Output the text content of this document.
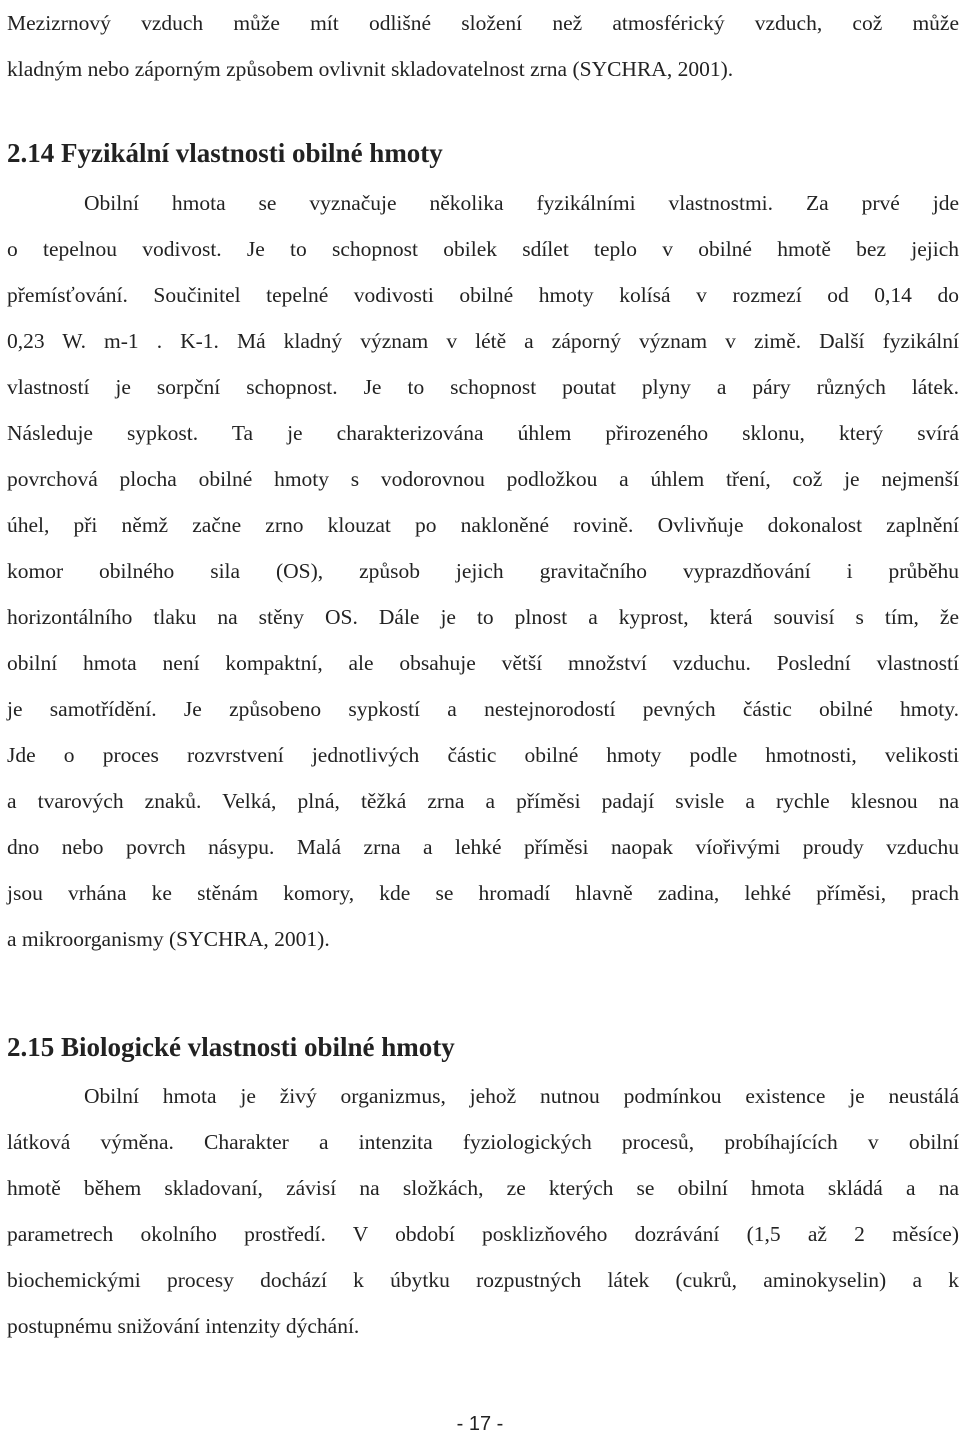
Mezizrnový vzduch může mít odlišné složení než atmosférický vzduch, což může
kladným nebo záporným způsobem ovlivnit skladovatelnost zrna (SYCHRA, 2001).
2.14 Fyzikální vlastnosti obilné hmoty
Obilní hmota se vyznačuje několika fyzikálními vlastnostmi. Za prvé jde
o tepelnou vodivost. Je to schopnost obilek sdílet teplo v obilné hmotě bez jejich
přemísťování. Součinitel tepelné vodivosti obilné hmoty kolísá v rozmezí od 0,14 do
0,23 W. m-1 . K-1. Má kladný význam v létě a záporný význam v zimě. Další fyzikální
vlastností je sorpční schopnost. Je to schopnost poutat plyny a páry různých látek.
Následuje sypkost. Ta je charakterizována úhlem přirozeného sklonu, který svírá
povrchová plocha obilné hmoty s vodorovnou podložkou a úhlem tření, což je nejmenší
úhel, při němž začne zrno klouzat po nakloněné rovině. Ovlivňuje dokonalost zaplnění
komor obilného sila (OS), způsob jejich gravitačního vyprazdňování i průběhu
horizontálního tlaku na stěny OS. Dále je to plnost a kyprost, která souvisí s tím, že
obilní hmota není kompaktní, ale obsahuje větší množství vzduchu. Poslední vlastností
je samotřídění. Je způsobeno sypkostí a nestejnorodostí pevných částic obilné hmoty.
Jde o proces rozvrstvení jednotlivých částic obilné hmoty podle hmotnosti, velikosti
a tvarových znaků. Velká, plná, těžká zrna a příměsi padají svisle a rychle klesnou na
dno nebo povrch násypu. Malá zrna a lehké příměsi naopak víořivými proudy vzduchu
jsou vrhána ke stěnám komory, kde se hromadí hlavně zadina, lehké příměsi, prach
a mikroorganismy (SYCHRA, 2001).
2.15 Biologické vlastnosti obilné hmoty
Obilní hmota je živý organizmus, jehož nutnou podmínkou existence je neustálá
látková výměna. Charakter a intenzita fyziologických procesů, probíhajících v obilní
hmotě během skladovaní, závisí na složkách, ze kterých se obilní hmota skládá a na
parametrech okolního prostředí. V období posklizňového dozrávání (1,5 až 2 měsíce)
biochemickými procesy dochází k úbytku rozpustných látek (cukrů, aminokyselin) a k
postupnému snižování intenzity dýchání.
- 17 -
